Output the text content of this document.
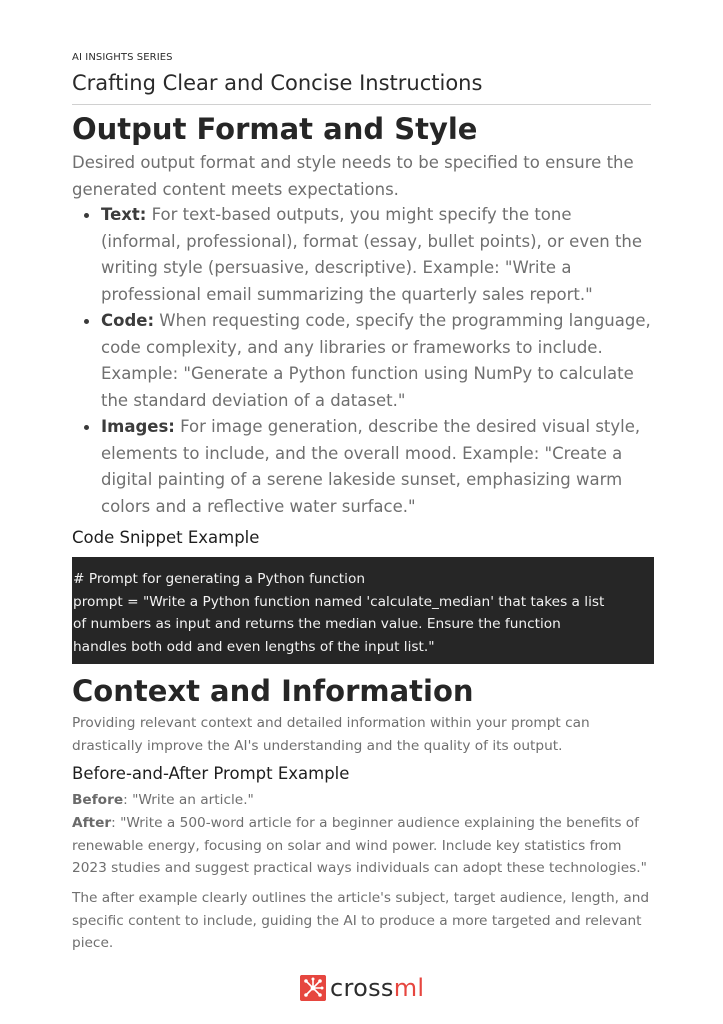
AI INSIGHTS SERIES
Crafting Clear and Concise Instructions
Output Format and Style
Desired output format and style needs to be specified to ensure the generated content meets expectations.
Text: For text-based outputs, you might specify the tone (informal, professional), format (essay, bullet points), or even the writing style (persuasive, descriptive). Example: "Write a professional email summarizing the quarterly sales report."
Code: When requesting code, specify the programming language, code complexity, and any libraries or frameworks to include. Example: "Generate a Python function using NumPy to calculate the standard deviation of a dataset."
Images: For image generation, describe the desired visual style, elements to include, and the overall mood. Example: "Create a digital painting of a serene lakeside sunset, emphasizing warm colors and a reflective water surface."
Code Snippet Example
# Prompt for generating a Python function
prompt = "Write a Python function named 'calculate_median' that takes a list
of numbers as input and returns the median value. Ensure the function
handles both odd and even lengths of the input list."
Context and Information
Providing relevant context and detailed information within your prompt can drastically improve the AI's understanding and the quality of its output.
Before-and-After Prompt Example
Before: "Write an article."
After: "Write a 500-word article for a beginner audience explaining the benefits of renewable energy, focusing on solar and wind power. Include key statistics from 2023 studies and suggest practical ways individuals can adopt these technologies."
The after example clearly outlines the article's subject, target audience, length, and specific content to include, guiding the AI to produce a more targeted and relevant piece.
crossml
